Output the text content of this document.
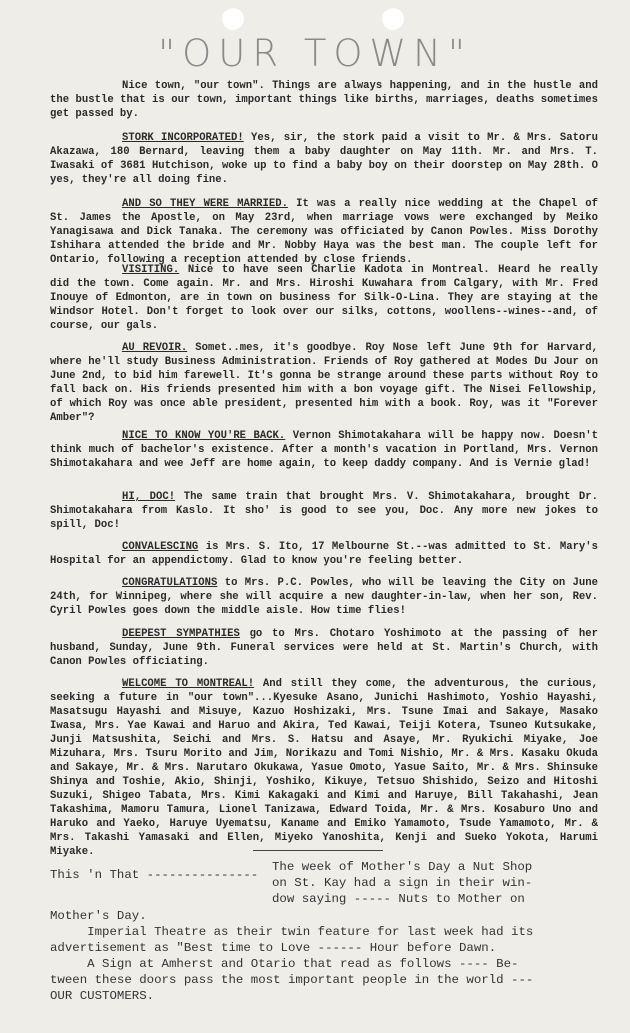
"OUR TOWN"

Nice town, "our town". Things are always happening, and in the hustle and the bustle that is our town, important things like births, marriages, deaths sometimes get passed by.

STORK INCORPORATED! Yes, sir, the stork paid a visit to Mr. & Mrs. Satoru Akazawa, 180 Bernard, leaving them a baby daughter on May 11th. Mr. and Mrs. T. Iwasaki of 3681 Hutchison, woke up to find a baby boy on their doorstep on May 28th. O yes, they're all doing fine.

AND SO THEY WERE MARRIED. It was a really nice wedding at the Chapel of St. James the Apostle, on May 23rd, when marriage vows were exchanged by Meiko Yanagisawa and Dick Tanaka. The ceremony was officiated by Canon Powles. Miss Dorothy Ishihara attended the bride and Mr. Nobby Haya was the best man. The couple left for Ontario, following a reception attended by close friends.

VISITING. Nice to have seen Charlie Kadota in Montreal. Heard he really did the town. Come again. Mr. and Mrs. Hiroshi Kuwahara from Calgary, with Mr. Fred Inouye of Edmonton, are in town on business for Silk-O-Lina. They are staying at the Windsor Hotel. Don't forget to look over our silks, cottons, woollens--wines--and, of course, our gals.

AU REVOIR. Somet..mes, it's goodbye. Roy Nose left June 9th for Harvard, where he'll study Business Administration. Friends of Roy gathered at Modes Du Jour on June 2nd, to bid him farewell. It's gonna be strange around these parts without Roy to fall back on. His friends presented him with a bon voyage gift. The Nisei Fellowship, of which Roy was once able president, presented him with a book. Roy, was it "Forever Amber"?

NICE TO KNOW YOU'RE BACK. Vernon Shimotakahara will be happy now. Doesn't think much of bachelor's existence. After a month's vacation in Portland, Mrs. Vernon Shimotakahara and wee Jeff are home again, to keep daddy company. And is Vernie glad!

HI, DOC! The same train that brought Mrs. V. Shimotakahara, brought Dr. Shimotakahara from Kaslo. It sho' is good to see you, Doc. Any more new jokes to spill, Doc!

CONVALESCING is Mrs. S. Ito, 17 Melbourne St.--was admitted to St. Mary's Hospital for an appendictomy. Glad to know you're feeling better.

CONGRATULATIONS to Mrs. P.C. Powles, who will be leaving the City on June 24th, for Winnipeg, where she will acquire a new daughter-in-law, when her son, Rev. Cyril Powles goes down the middle aisle. How time flies!

DEEPEST SYMPATHIES go to Mrs. Chotaro Yoshimoto at the passing of her husband, Sunday, June 9th. Funeral services were held at St. Martin's Church, with Canon Powles officiating.

WELCOME TO MONTREAL! And still they come, the adventurous, the curious, seeking a future in "our town"...Kyesuke Asano, Junichi Hashimoto, Yoshio Hayashi, Masatsugu Hayashi and Misuye, Kazuo Hoshizaki, Mrs. Tsune Imai and Sakaye, Masako Iwasa, Mrs. Yae Kawai and Haruo and Akira, Ted Kawai, Teiji Kotera, Tsuneo Kutsukake, Junji Matsushita, Seichi and Mrs. S. Hatsu and Asaye, Mr. Ryukichi Miyake, Joe Mizuhara, Mrs. Tsuru Morito and Jim, Norikazu and Tomi Nishio, Mr. & Mrs. Kasaku Okuda and Sakaye, Mr. & Mrs. Narutaro Okukawa, Yasue Omoto, Yasue Saito, Mr. & Mrs. Shinsuke Shinya and Toshie, Akio, Shinji, Yoshiko, Kikuye, Tetsuo Shishido, Seizo and Hitoshi Suzuki, Shigeo Tabata, Mrs. Kimi Kakagaki and Kimi and Haruye, Bill Takahashi, Jean Takashima, Mamoru Tamura, Lionel Tanizawa, Edward Toida, Mr. & Mrs. Kosaburo Uno and Haruko and Yaeko, Haruye Uyematsu, Kaname and Emiko Yamamoto, Tsude Yamamoto, Mr. & Mrs. Takashi Yamasaki and Ellen, Miyeko Yanoshita, Kenji and Sueko Yokota, Harumi Miyake.

This 'n That ---------------

The week of Mother's Day a Nut Shop

on St. Kay had a sign in their win-

dow saying ----- Nuts to Mother on

Mother's Day.

Imperial Theatre as their twin feature for last week had its

advertisement as "Best time to Love ------ Hour before Dawn.

A Sign at Amherst and Otario that read as follows ---- Be-

tween these doors pass the most important people in the world ---

OUR CUSTOMERS.
